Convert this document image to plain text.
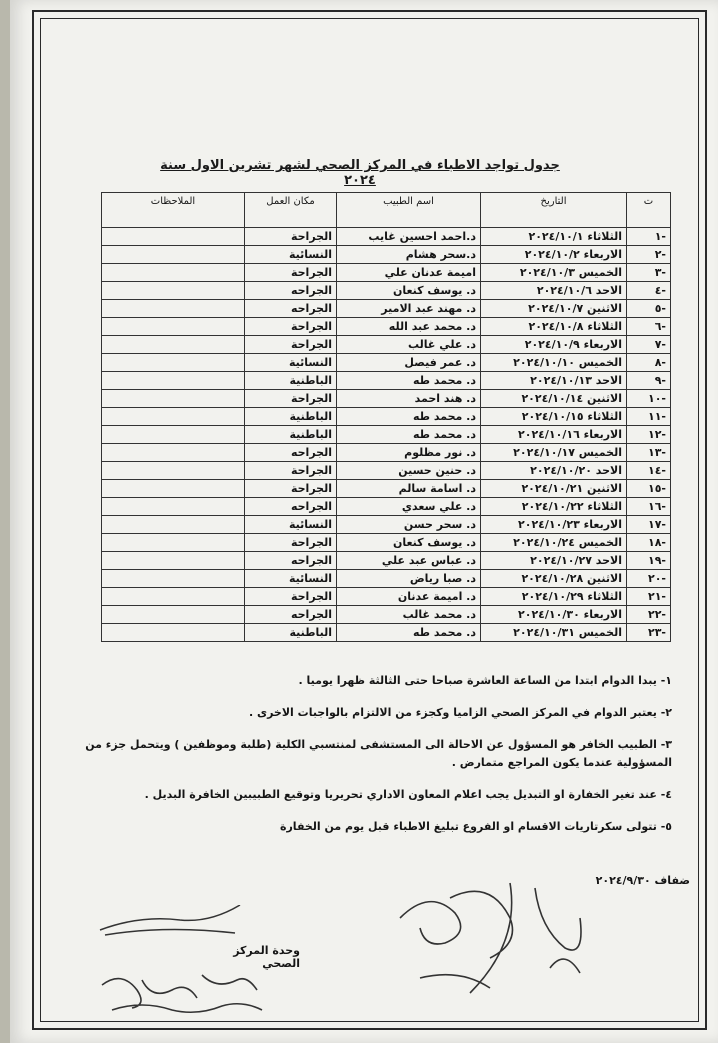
جدول تواجد الاطباء في المركز الصحي لشهر تشرين الاول سنة ٢٠٢٤
ت	التاريخ	اسم الطبيب	مكان العمل	الملاحظات
-١	الثلاثاء ٢٠٢٤/١٠/١	د.احمد احسين غايب	الجراحة	
-٢	الاربعاء ٢٠٢٤/١٠/٢	د.سحر هشام	النسائية	
-٣	الخميس ٢٠٢٤/١٠/٣	اميمة عدنان علي	الجراحة	
-٤	الاحد ٢٠٢٤/١٠/٦	د. يوسف كنعان	الجراحه	
-٥	الاثنين ٢٠٢٤/١٠/٧	د. مهند عبد الامير	الجراحه	
-٦	الثلاثاء ٢٠٢٤/١٠/٨	د. محمد عبد الله	الجراحة	
-٧	الاربعاء ٢٠٢٤/١٠/٩	د. علي غالب	الجراحة	
-٨	الخميس ٢٠٢٤/١٠/١٠	د. عمر فيصل	النسائية	
-٩	الاحد ٢٠٢٤/١٠/١٣	د. محمد طه	الباطنية	
-١٠	الاثنين ٢٠٢٤/١٠/١٤	د. هند احمد	الجراحة	
-١١	الثلاثاء ٢٠٢٤/١٠/١٥	د. محمد طه	الباطنية	
-١٢	الاربعاء ٢٠٢٤/١٠/١٦	د. محمد طه	الباطنية	
-١٣	الخميس ٢٠٢٤/١٠/١٧	د. نور مظلوم	الجراحه	
-١٤	الاحد ٢٠٢٤/١٠/٢٠	د. حنين حسين	الجراحة	
-١٥	الاثنين ٢٠٢٤/١٠/٢١	د. اسامة سالم	الجراحة	
-١٦	الثلاثاء ٢٠٢٤/١٠/٢٢	د. علي سعدي	الجراحه	
-١٧	الاربعاء ٢٠٢٤/١٠/٢٣	د. سحر حسن	النسائية	
-١٨	الخميس ٢٠٢٤/١٠/٢٤	د. يوسف كنعان	الجراحة	
-١٩	الاحد ٢٠٢٤/١٠/٢٧	د. عباس عبد علي	الجراحه	
-٢٠	الاثنين ٢٠٢٤/١٠/٢٨	د. صبا رياض	النسائية	
-٢١	الثلاثاء ٢٠٢٤/١٠/٢٩	د. اميمة عدنان	الجراحة	
-٢٢	الاربعاء ٢٠٢٤/١٠/٣٠	د. محمد غالب	الجراحه	
-٢٣	الخميس ٢٠٢٤/١٠/٣١	د. محمد طه	الباطنية	

١- يبدا الدوام ابتدا من الساعة العاشرة صباحا حتى الثالثة ظهرا يوميا .

٢- يعتبر الدوام في المركز الصحي الزاميا وكجزء من الالتزام بالواجبات الاخرى .

٣- الطبيب الخافر هو المسؤول عن الاحالة الى المستشفى لمنتسبي الكلية (طلبة وموظفين ) ويتحمل جزء من المسؤولية عندما يكون المراجع متمارض .

٤- عند تغير الخفارة او التبديل يجب اعلام المعاون الاداري تحريريا وتوقيع الطبيبين الخافرة البديل .

٥- تتولى سكرتاريات الاقسام او الفروع تبليغ الاطباء قبل يوم من الخفارة

ضفاف ٢٠٢٤/٩/٣٠
وحدة المركز الصحي
